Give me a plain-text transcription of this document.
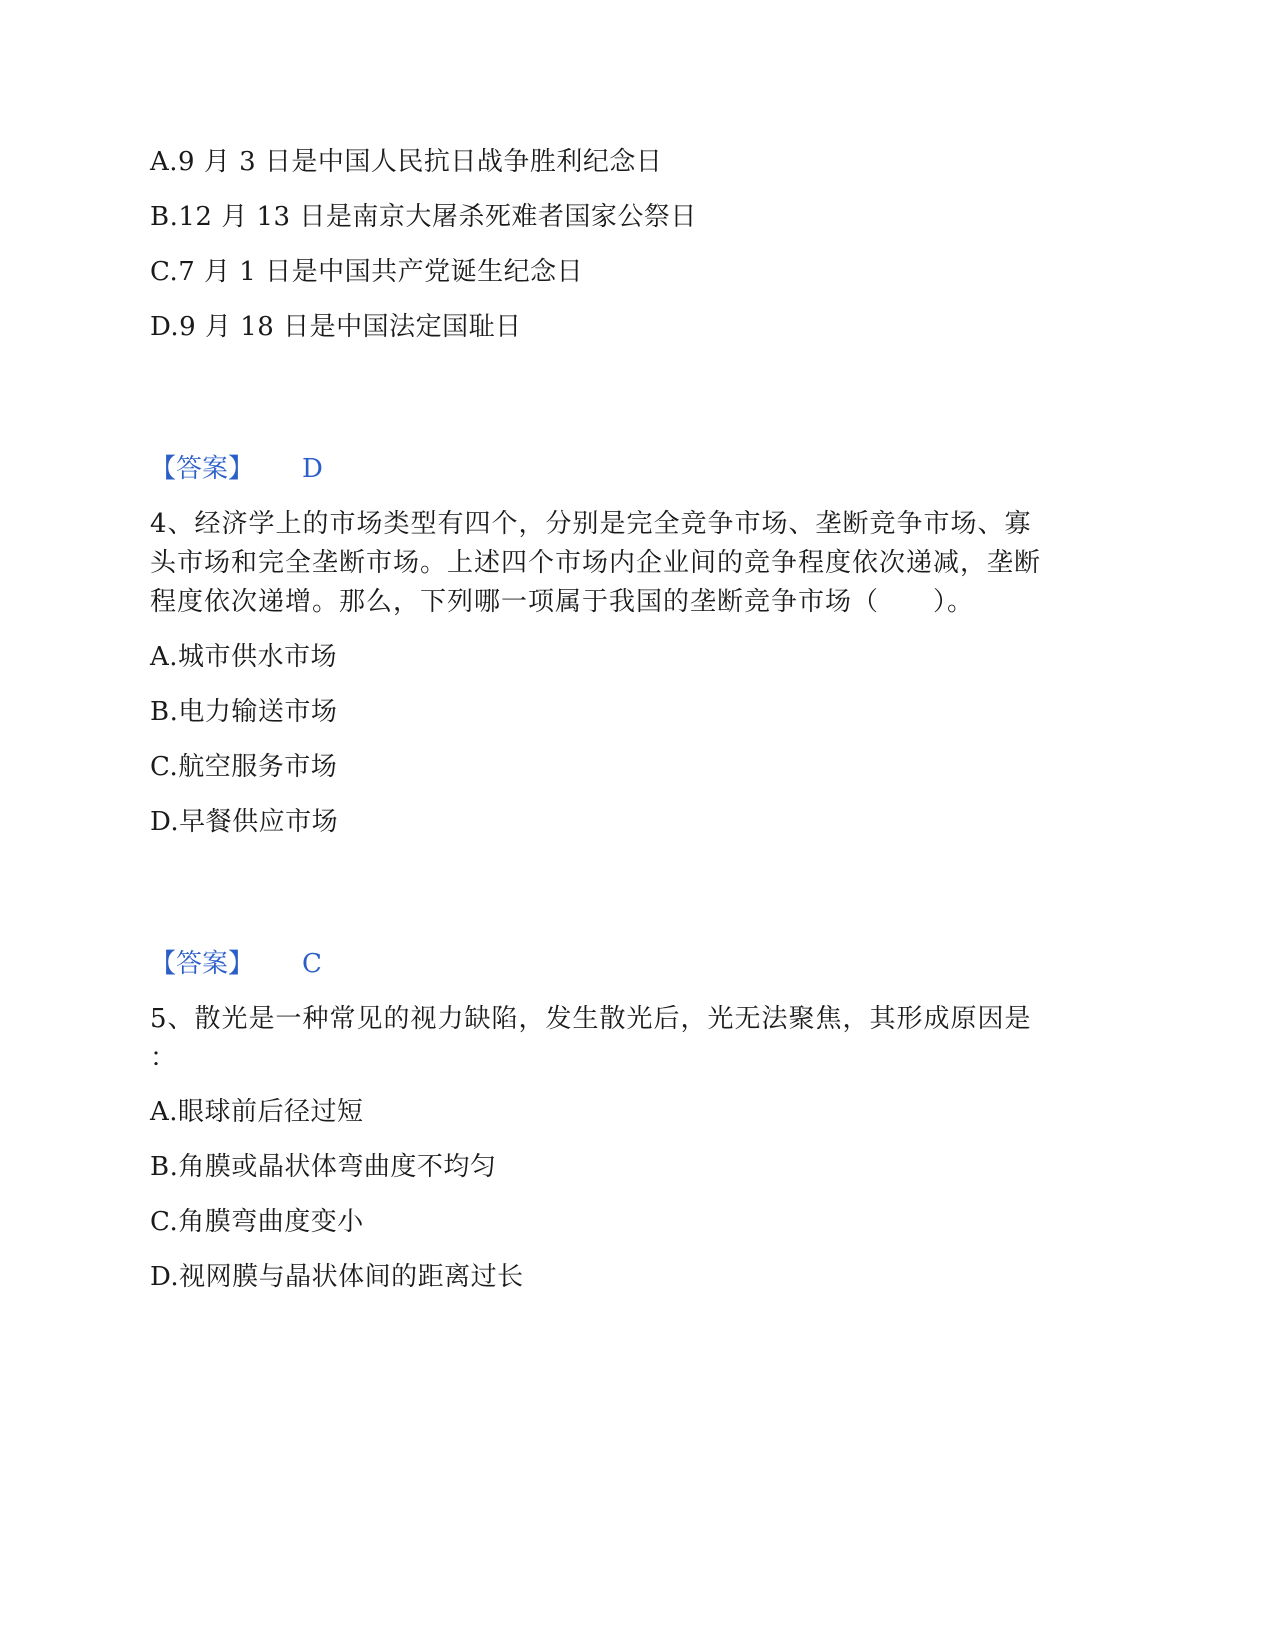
A.9 月 3 日是中国人民抗日战争胜利纪念日
B.12 月 13 日是南京大屠杀死难者国家公祭日
C.7 月 1 日是中国共产党诞生纪念日
D.9 月 18 日是中国法定国耻日
【答案】 D
4、经济学上的市场类型有四个，分别是完全竞争市场、垄断竞争市场、寡
头市场和完全垄断市场。上述四个市场内企业间的竞争程度依次递减，垄断
程度依次递增。那么，下列哪一项属于我国的垄断竞争市场（　　）。
A.城市供水市场
B.电力输送市场
C.航空服务市场
D.早餐供应市场
【答案】 C
5、散光是一种常见的视力缺陷，发生散光后，光无法聚焦，其形成原因是
：
A.眼球前后径过短
B.角膜或晶状体弯曲度不均匀
C.角膜弯曲度变小
D.视网膜与晶状体间的距离过长
